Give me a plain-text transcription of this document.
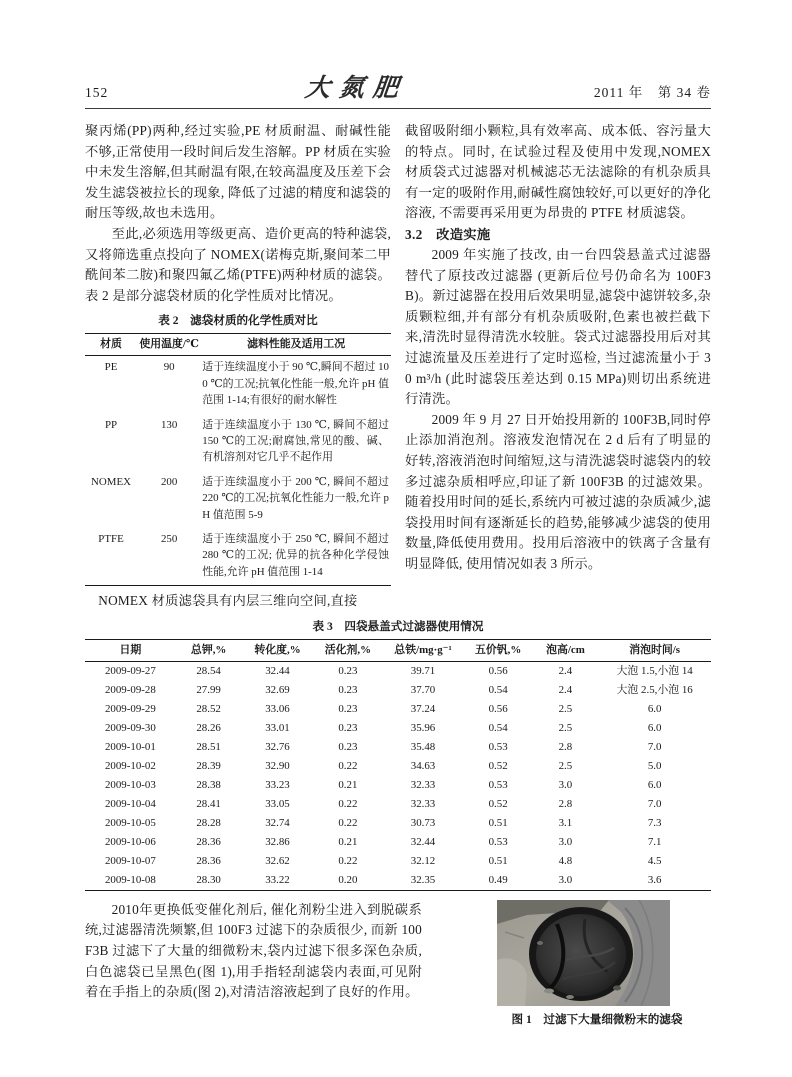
152	大氮肥	2011 年　第 34 卷

聚丙烯(PP)两种,经过实验,PE 材质耐温、耐碱性能不够,正常使用一段时间后发生溶解。PP 材质在实验中未发生溶解,但其耐温有限,在较高温度及压差下会发生滤袋被拉长的现象, 降低了过滤的精度和滤袋的耐压等级,故也未选用。

至此,必须选用等级更高、造价更高的特种滤袋,又将筛选重点投向了 NOMEX(诺梅克斯,聚间苯二甲酰间苯二胺)和聚四氟乙烯(PTFE)两种材质的滤袋。表 2 是部分滤袋材质的化学性质对比情况。

表 2　滤袋材质的化学性质对比
材质	使用温度/℃	滤料性能及适用工况
PE	90	适于连续温度小于 90 ℃,瞬间不超过 100 ℃的工况;抗氧化性能一般,允许 pH 值范围 1-14;有很好的耐水解性
PP	130	适于连续温度小于 130 ℃, 瞬间不超过 150 ℃的工况;耐腐蚀,常见的酸、碱、有机溶剂对它几乎不起作用
NOMEX	200	适于连续温度小于 200 ℃, 瞬间不超过 220 ℃的工况;抗氧化性能力一般,允许 pH 值范围 5-9
PTFE	250	适于连续温度小于 250 ℃, 瞬间不超过 280 ℃的工况; 优异的抗各种化学侵蚀性能,允许 pH 值范围 1-14

NOMEX 材质滤袋具有内层三维向空间,直接

截留吸附细小颗粒,具有效率高、成本低、容污量大的特点。同时, 在试验过程及使用中发现,NOMEX 材质袋式过滤器对机械滤芯无法滤除的有机杂质具有一定的吸附作用,耐碱性腐蚀较好,可以更好的净化溶液, 不需要再采用更为昂贵的 PTFE 材质滤袋。

3.2　改造实施

2009 年实施了技改, 由一台四袋悬盖式过滤器替代了原技改过滤器 (更新后位号仍命名为 100F3B)。新过滤器在投用后效果明显,滤袋中滤饼较多,杂质颗粒细,并有部分有机杂质吸附,色素也被拦截下来,清洗时显得清洗水较脏。袋式过滤器投用后对其过滤流量及压差进行了定时巡检, 当过滤流量小于 30 m³/h (此时滤袋压差达到 0.15 MPa)则切出系统进行清洗。

2009 年 9 月 27 日开始投用新的 100F3B,同时停止添加消泡剂。溶液发泡情况在 2 d 后有了明显的好转,溶液消泡时间缩短,这与清洗滤袋时滤袋内的较多过滤杂质相呼应,印证了新 100F3B 的过滤效果。随着投用时间的延长,系统内可被过滤的杂质减少,滤袋投用时间有逐渐延长的趋势,能够减少滤袋的使用数量,降低使用费用。投用后溶液中的铁离子含量有明显降低, 使用情况如表 3 所示。

表 3　四袋悬盖式过滤器使用情况
日期	总钾,%	转化度,%	活化剂,%	总铁/mg·g⁻¹	五价钒,%	泡高/cm	消泡时间/s
2009-09-27	28.54	32.44	0.23	39.71	0.56	2.4	大泡 1.5,小泡 14
2009-09-28	27.99	32.69	0.23	37.70	0.54	2.4	大泡 2.5,小泡 16
2009-09-29	28.52	33.06	0.23	37.24	0.56	2.5	6.0
2009-09-30	28.26	33.01	0.23	35.96	0.54	2.5	6.0
2009-10-01	28.51	32.76	0.23	35.48	0.53	2.8	7.0
2009-10-02	28.39	32.90	0.22	34.63	0.52	2.5	5.0
2009-10-03	28.38	33.23	0.21	32.33	0.53	3.0	6.0
2009-10-04	28.41	33.05	0.22	32.33	0.52	2.8	7.0
2009-10-05	28.28	32.74	0.22	30.73	0.51	3.1	7.3
2009-10-06	28.36	32.86	0.21	32.44	0.53	3.0	7.1
2009-10-07	28.36	32.62	0.22	32.12	0.51	4.8	4.5
2009-10-08	28.30	33.22	0.20	32.35	0.49	3.0	3.6

2010年更换低变催化剂后, 催化剂粉尘进入到脱碳系统,过滤器清洗频繁,但 100F3 过滤下的杂质很少, 而新 100F3B 过滤下了大量的细微粉末,袋内过滤下很多深色杂质,白色滤袋已呈黑色(图 1),用手指轻刮滤袋内表面,可见附着在手指上的杂质(图 2),对清洁溶液起到了良好的作用。

图 1　过滤下大量细微粉末的滤袋
